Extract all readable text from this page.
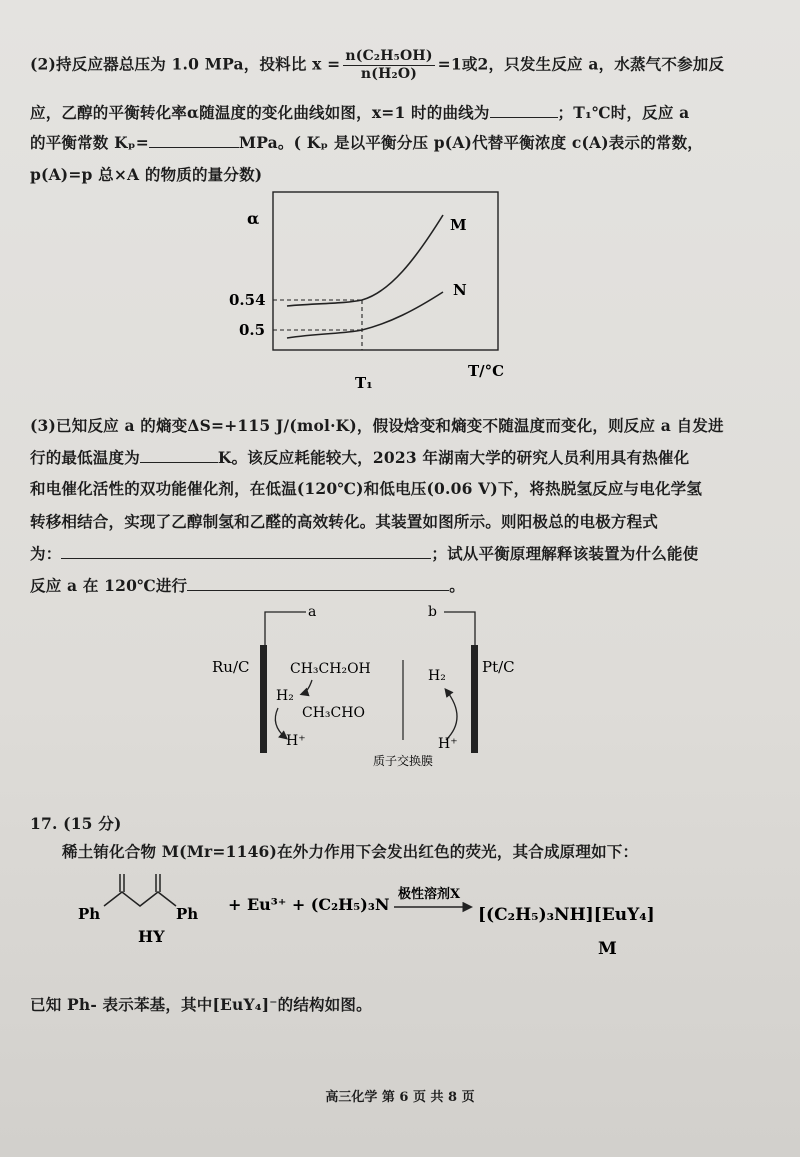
(2)持反应器总压为 1.0 MPa，投料比 $x = \frac{\text{n(C₂H₅OH)}}{\text{n(H₂O)}} =1$或2，只发生反应 a，水蒸气不参加反
应，乙醇的平衡转化率α随温度的变化曲线如图，x=1 时的曲线为	；T₁℃时，反应 a
的平衡常数 Kₚ=	MPa。( Kₚ 是以平衡分压 p(A)代替平衡浓度 c(A)表示的常数，
p(A)=p 总×A 的物质的量分数)
α
0.54
0.5
M
N
T₁
T/°C
(3)已知反应 a 的熵变ΔS=+115 J/(mol·K)，假设焓变和熵变不随温度而变化，则反应 a 自发进
行的最低温度为	K。该反应耗能较大，2023 年湖南大学的研究人员利用具有热催化
和电催化活性的双功能催化剂，在低温(120℃)和低电压(0.06 V)下，将热脱氢反应与电化学氢
转移相结合，实现了乙醇制氢和乙醛的高效转化。其装置如图所示。则阳极总的电极方程式
为：	；试从平衡原理解释该装置为什么能使
反应 a 在 120℃进行	。
a	b
Ru/C	Pt/C
CH₃CH₂OH
H₂
CH₃CHO
H⁺
H₂
H⁺
质子交换膜
17. (15 分)
稀土铕化合物 M(Mr=1146)在外力作用下会发出红色的荧光，其合成原理如下：
Ph	Ph
HY
+ Eu³⁺ + (C₂H₅)₃N
极性溶剂X
[(C₂H₅)₃NH][EuY₄]
M
已知 Ph- 表示苯基，其中[EuY₄]⁻的结构如图。
高三化学 第 6 页 共 8 页
